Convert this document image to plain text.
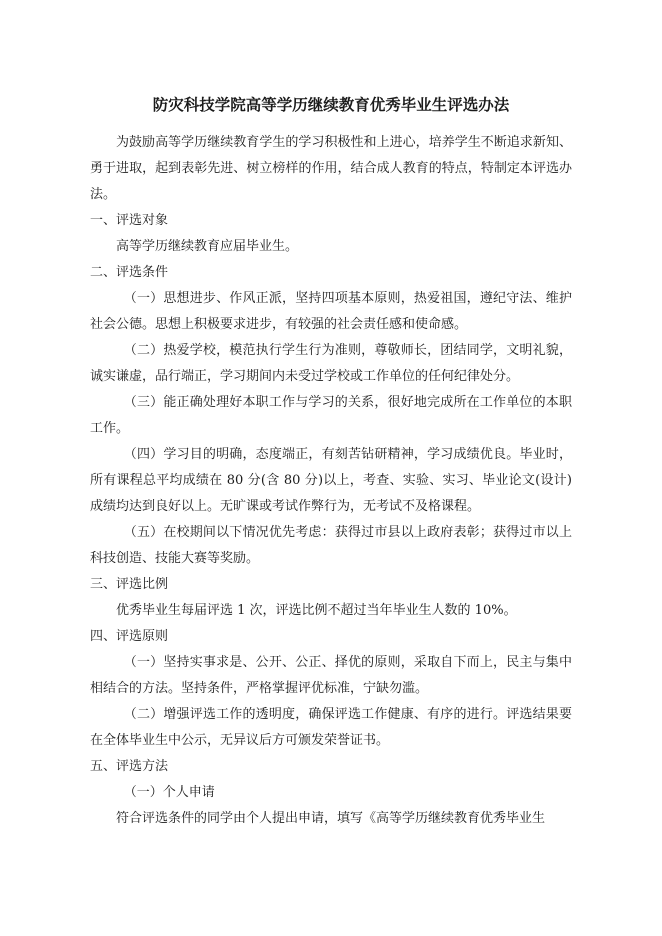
防灾科技学院高等学历继续教育优秀毕业生评选办法

为鼓励高等学历继续教育学生的学习积极性和上进心，培养学生不断追求新知、勇于进取，起到表彰先进、树立榜样的作用，结合成人教育的特点，特制定本评选办法。

一、评选对象

高等学历继续教育应届毕业生。

二、评选条件

（一）思想进步、作风正派，坚持四项基本原则，热爱祖国，遵纪守法、维护社会公德。思想上积极要求进步，有较强的社会责任感和使命感。

（二）热爱学校，模范执行学生行为准则，尊敬师长，团结同学，文明礼貌，诚实谦虚，品行端正，学习期间内未受过学校或工作单位的任何纪律处分。

（三）能正确处理好本职工作与学习的关系，很好地完成所在工作单位的本职工作。

（四）学习目的明确，态度端正，有刻苦钻研精神，学习成绩优良。毕业时，所有课程总平均成绩在 80 分(含 80 分)以上，考查、实验、实习、毕业论文(设计)成绩均达到良好以上。无旷课或考试作弊行为，无考试不及格课程。

（五）在校期间以下情况优先考虑：获得过市县以上政府表彰；获得过市以上科技创造、技能大赛等奖励。

三、评选比例

优秀毕业生每届评选 1 次，评选比例不超过当年毕业生人数的 10%。

四、评选原则

（一）坚持实事求是、公开、公正、择优的原则，采取自下而上，民主与集中相结合的方法。坚持条件，严格掌握评优标准，宁缺勿滥。

（二）增强评选工作的透明度，确保评选工作健康、有序的进行。评选结果要在全体毕业生中公示，无异议后方可颁发荣誉证书。

五、评选方法

（一）个人申请

符合评选条件的同学由个人提出申请，填写《高等学历继续教育优秀毕业生
